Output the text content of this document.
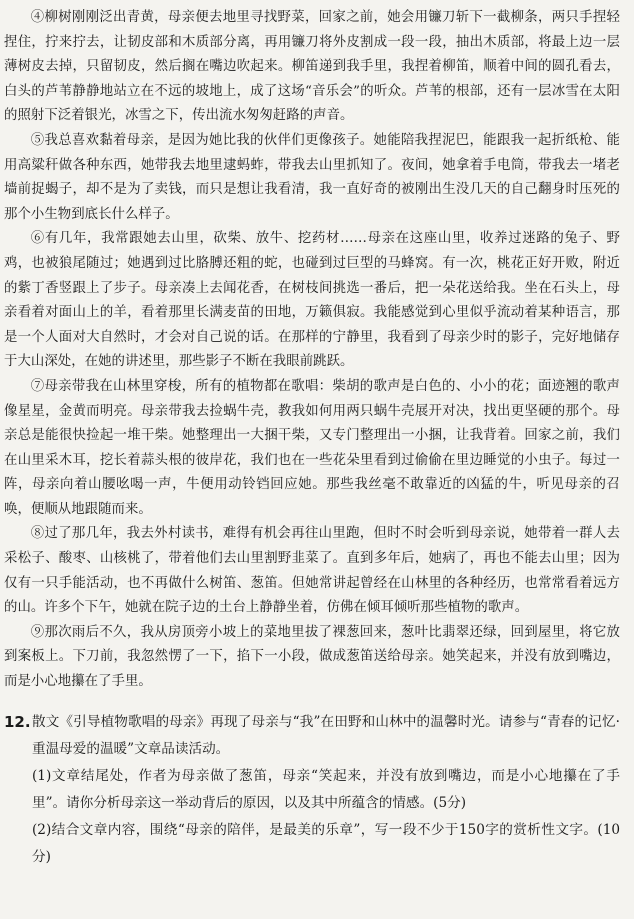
④柳树刚刚泛出青黄，母亲便去地里寻找野菜，回家之前，她会用镰刀斩下一截柳条，两只手捏轻捏住，拧来拧去，让韧皮部和木质部分离，再用镰刀将外皮割成一段一段，抽出木质部，将最上边一层薄树皮去掉，只留韧皮，然后搁在嘴边吹起来。柳笛递到我手里，我捏着柳笛，顺着中间的圆孔看去，白头的芦苇静静地站立在不远的坡地上，成了这场“音乐会”的听众。芦苇的根部，还有一层冰雪在太阳的照射下泛着银光，冰雪之下，传出流水匆匆赶路的声音。

⑤我总喜欢黏着母亲，是因为她比我的伙伴们更像孩子。她能陪我捏泥巴，能跟我一起折纸枪、能用高粱秆做各种东西，她带我去地里逮蚂蚱，带我去山里抓知了。夜间，她拿着手电筒，带我去一堵老墙前捉蝎子，却不是为了卖钱，而只是想让我看清，我一直好奇的被刚出生没几天的自己翻身时压死的那个小生物到底长什么样子。

⑥有几年，我常跟她去山里，砍柴、放牛、挖药材……母亲在这座山里，收养过迷路的兔子、野鸡，也被狼尾随过；她遇到过比胳膊还粗的蛇，也碰到过巨型的马蜂窝。有一次，桃花正好开败，附近的紫丁香竖跟上了步子。母亲凑上去闻花香，在树枝间挑选一番后，把一朵花送给我。坐在石头上，母亲看着对面山上的羊，看着那里长满麦苗的田地，万籁俱寂。我能感觉到心里似乎流动着某种语言，那是一个人面对大自然时，才会对自己说的话。在那样的宁静里，我看到了母亲少时的影子，完好地储存于大山深处，在她的讲述里，那些影子不断在我眼前跳跃。

⑦母亲带我在山林里穿梭，所有的植物都在歌唱：柴胡的歌声是白色的、小小的花；面迹翘的歌声像星星，金黄而明亮。母亲带我去捡蜗牛壳，教我如何用两只蜗牛壳展开对决，找出更坚硬的那个。母亲总是能很快捡起一堆干柴。她整理出一大捆干柴，又专门整理出一小捆，让我背着。回家之前，我们在山里采木耳，挖长着蒜头根的彼岸花，我们也在一些花朵里看到过偷偷在里边睡觉的小虫子。每过一阵，母亲向着山腰吆喝一声，牛便用动铃铛回应她。那些我丝毫不敢靠近的凶猛的牛，听见母亲的召唤，便顺从地跟随而来。

⑧过了那几年，我去外村读书，难得有机会再往山里跑，但时不时会听到母亲说，她带着一群人去采松子、酸枣、山核桃了，带着他们去山里割野韭菜了。直到多年后，她病了，再也不能去山里；因为仅有一只手能活动，也不再做什么树笛、葱笛。但她常讲起曾经在山林里的各种经历，也常常看着远方的山。许多个下午，她就在院子边的土台上静静坐着，仿佛在倾耳倾听那些植物的歌声。

⑨那次雨后不久，我从房顶旁小坡上的菜地里拔了裸葱回来，葱叶比翡翠还绿，回到屋里，将它放到案板上。下刀前，我忽然愣了一下，掐下一小段，做成葱笛送给母亲。她笑起来，并没有放到嘴边，而是小心地攥在了手里。

12. 散文《引导植物歌唱的母亲》再现了母亲与“我”在田野和山林中的温馨时光。请参与“青春的记忆·重温母爱的温暖”文章品读活动。
(1)文章结尾处，作者为母亲做了葱笛，母亲“笑起来，并没有放到嘴边，而是小心地攥在了手里”。请你分析母亲这一举动背后的原因，以及其中所蕴含的情感。(5分)
(2)结合文章内容，围绕“母亲的陪伴，是最美的乐章”，写一段不少于150字的赏析性文字。(10分)
